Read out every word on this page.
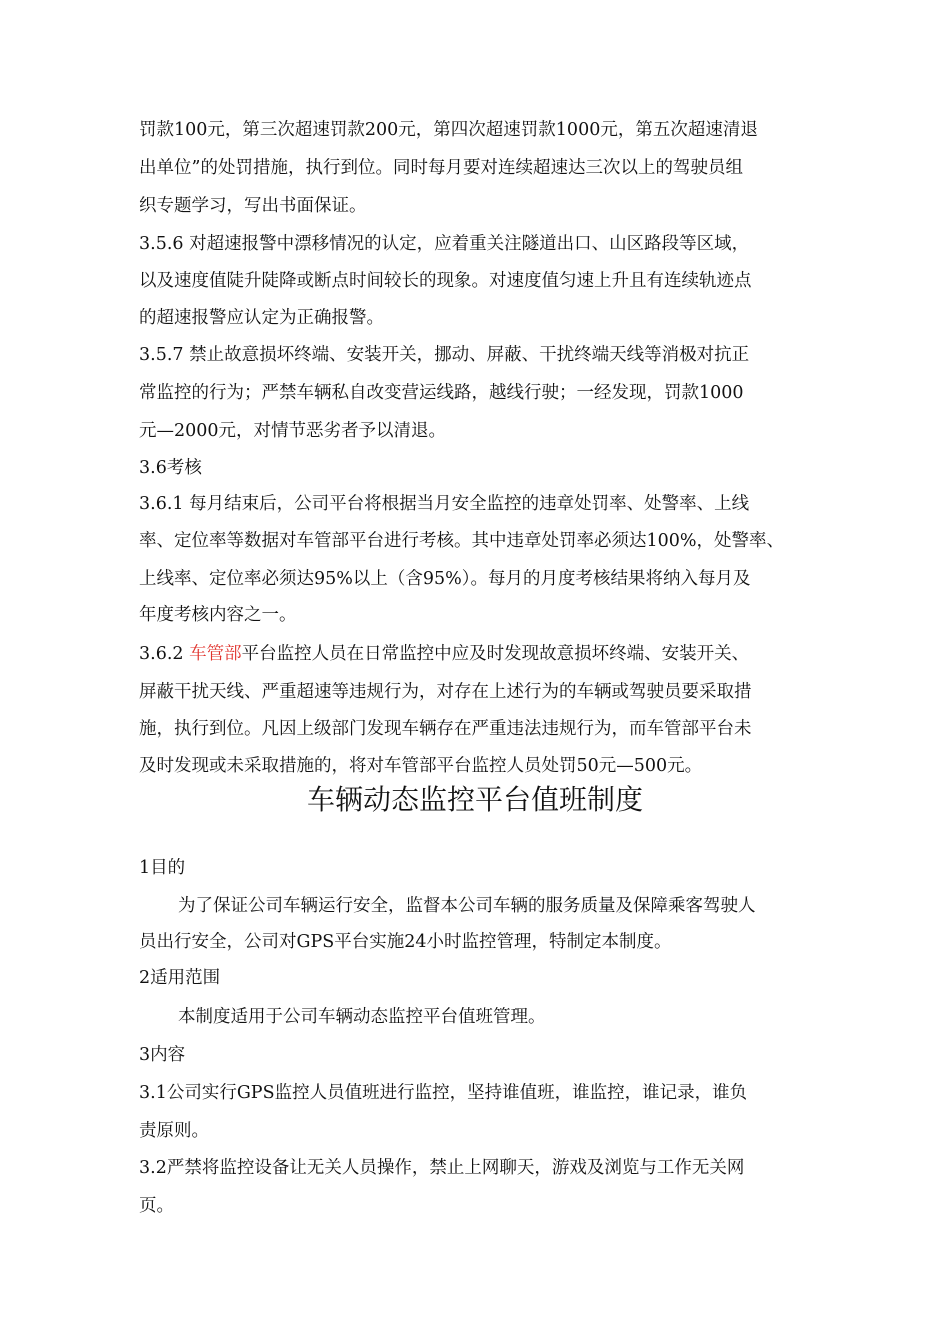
罚款100元，第三次超速罚款200元，第四次超速罚款1000元，第五次超速清退
出单位”的处罚措施，执行到位。同时每月要对连续超速达三次以上的驾驶员组
织专题学习，写出书面保证。
3.5.6 对超速报警中漂移情况的认定，应着重关注隧道出口、山区路段等区域，
以及速度值陡升陡降或断点时间较长的现象。对速度值匀速上升且有连续轨迹点
的超速报警应认定为正确报警。
3.5.7 禁止故意损坏终端、安装开关，挪动、屏蔽、干扰终端天线等消极对抗正
常监控的行为；严禁车辆私自改变营运线路，越线行驶；一经发现，罚款1000
元—2000元，对情节恶劣者予以清退。
3.6考核
3.6.1 每月结束后，公司平台将根据当月安全监控的违章处罚率、处警率、上线
率、定位率等数据对车管部平台进行考核。其中违章处罚率必须达100%，处警率、
上线率、定位率必须达95%以上（含95%）。每月的月度考核结果将纳入每月及
年度考核内容之一。
3.6.2 车管部平台监控人员在日常监控中应及时发现故意损坏终端、安装开关、
屏蔽干扰天线、严重超速等违规行为，对存在上述行为的车辆或驾驶员要采取措
施，执行到位。凡因上级部门发现车辆存在严重违法违规行为，而车管部平台未
及时发现或未采取措施的，将对车管部平台监控人员处罚50元—500元。
车辆动态监控平台值班制度
1目的
为了保证公司车辆运行安全，监督本公司车辆的服务质量及保障乘客驾驶人
员出行安全，公司对GPS平台实施24小时监控管理，特制定本制度。
2适用范围
本制度适用于公司车辆动态监控平台值班管理。
3内容
3.1公司实行GPS监控人员值班进行监控，坚持谁值班，谁监控，谁记录，谁负
责原则。
3.2严禁将监控设备让无关人员操作，禁止上网聊天，游戏及浏览与工作无关网
页。
